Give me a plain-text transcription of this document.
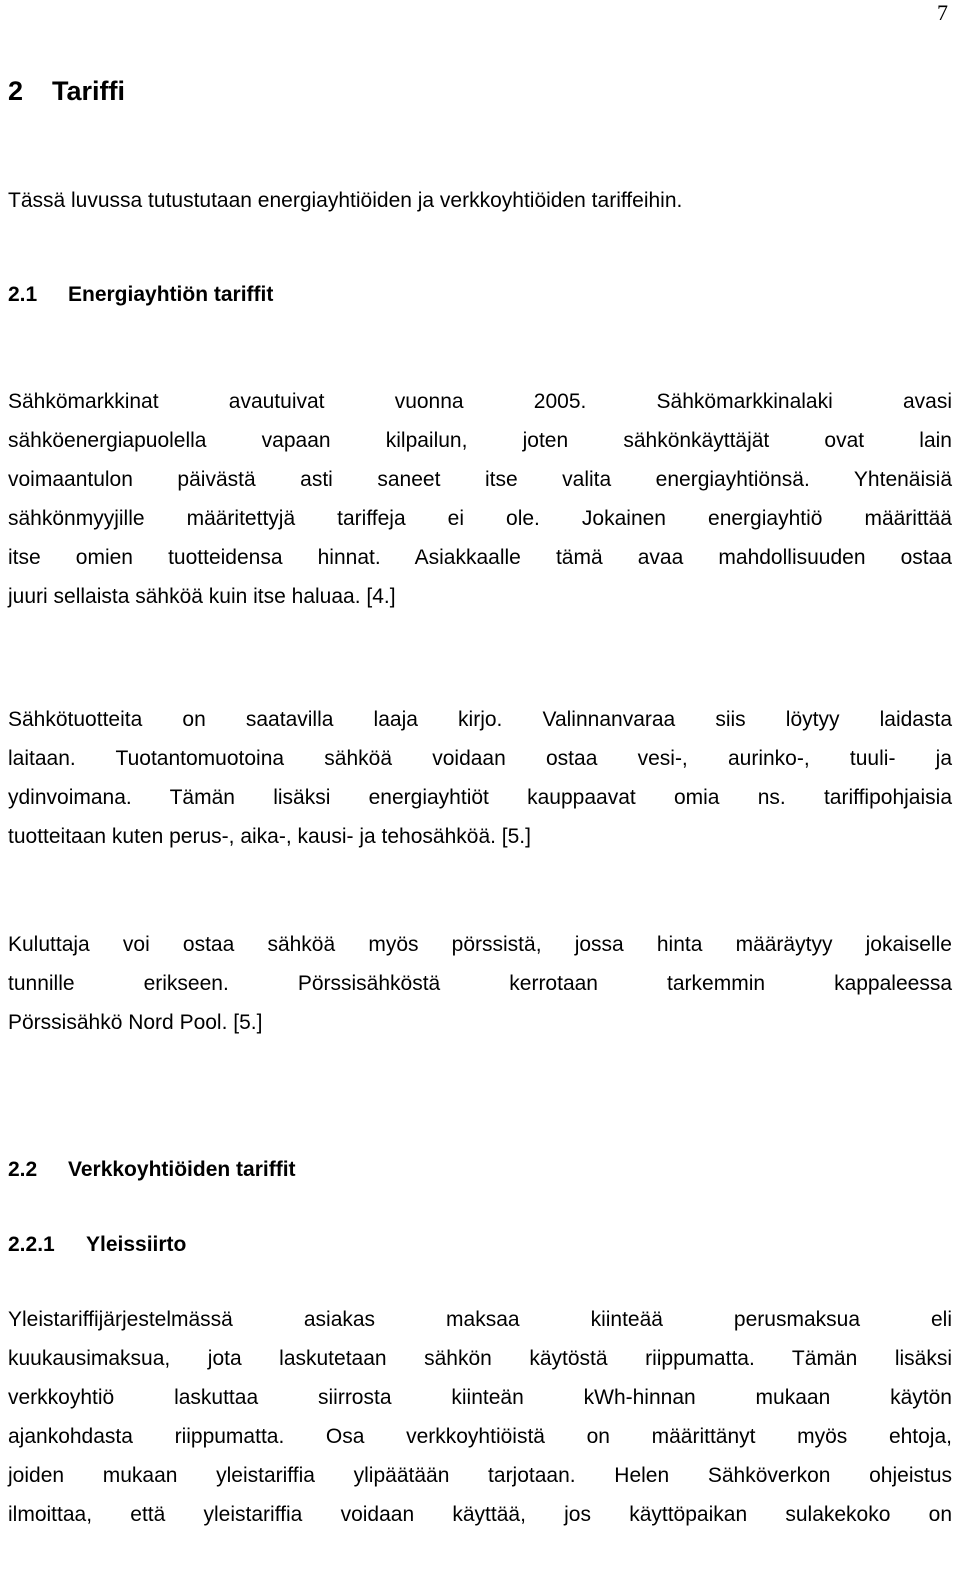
7
2 Tariffi

Tässä luvussa tutustutaan energiayhtiöiden ja verkkoyhtiöiden tariffeihin.

2.1 Energiayhtiön tariffit
Sähkömarkkinat avautuivat vuonna 2005. Sähkömarkkinalaki avasi
sähköenergiapuolella vapaan kilpailun, joten sähkönkäyttäjät ovat lain
voimaantulon päivästä asti saneet itse valita energiayhtiönsä. Yhtenäisiä
sähkönmyyjille määritettyjä tariffeja ei ole. Jokainen energiayhtiö määrittää
itse omien tuotteidensa hinnat. Asiakkaalle tämä avaa mahdollisuuden ostaa
juuri sellaista sähköä kuin itse haluaa. [4.]
Sähkötuotteita on saatavilla laaja kirjo. Valinnanvaraa siis löytyy laidasta
laitaan. Tuotantomuotoina sähköä voidaan ostaa vesi-, aurinko-, tuuli- ja
ydinvoimana. Tämän lisäksi energiayhtiöt kauppaavat omia ns. tariffipohjaisia
tuotteitaan kuten perus-, aika-, kausi- ja tehosähköä. [5.]
Kuluttaja voi ostaa sähköä myös pörssistä, jossa hinta määräytyy jokaiselle
tunnille erikseen. Pörssisähköstä kerrotaan tarkemmin kappaleessa
Pörssisähkö Nord Pool. [5.]
2.2 Verkkoyhtiöiden tariffit
2.2.1 Yleissiirto
Yleistariffijärjestelmässä asiakas maksaa kiinteää perusmaksua eli
kuukausimaksua, jota laskutetaan sähkön käytöstä riippumatta. Tämän lisäksi
verkkoyhtiö laskuttaa siirrosta kiinteän kWh-hinnan mukaan käytön
ajankohdasta riippumatta. Osa verkkoyhtiöistä on määrittänyt myös ehtoja,
joiden mukaan yleistariffia ylipäätään tarjotaan. Helen Sähköverkon ohjeistus
ilmoittaa, että yleistariffia voidaan käyttää, jos käyttöpaikan sulakekoko on
